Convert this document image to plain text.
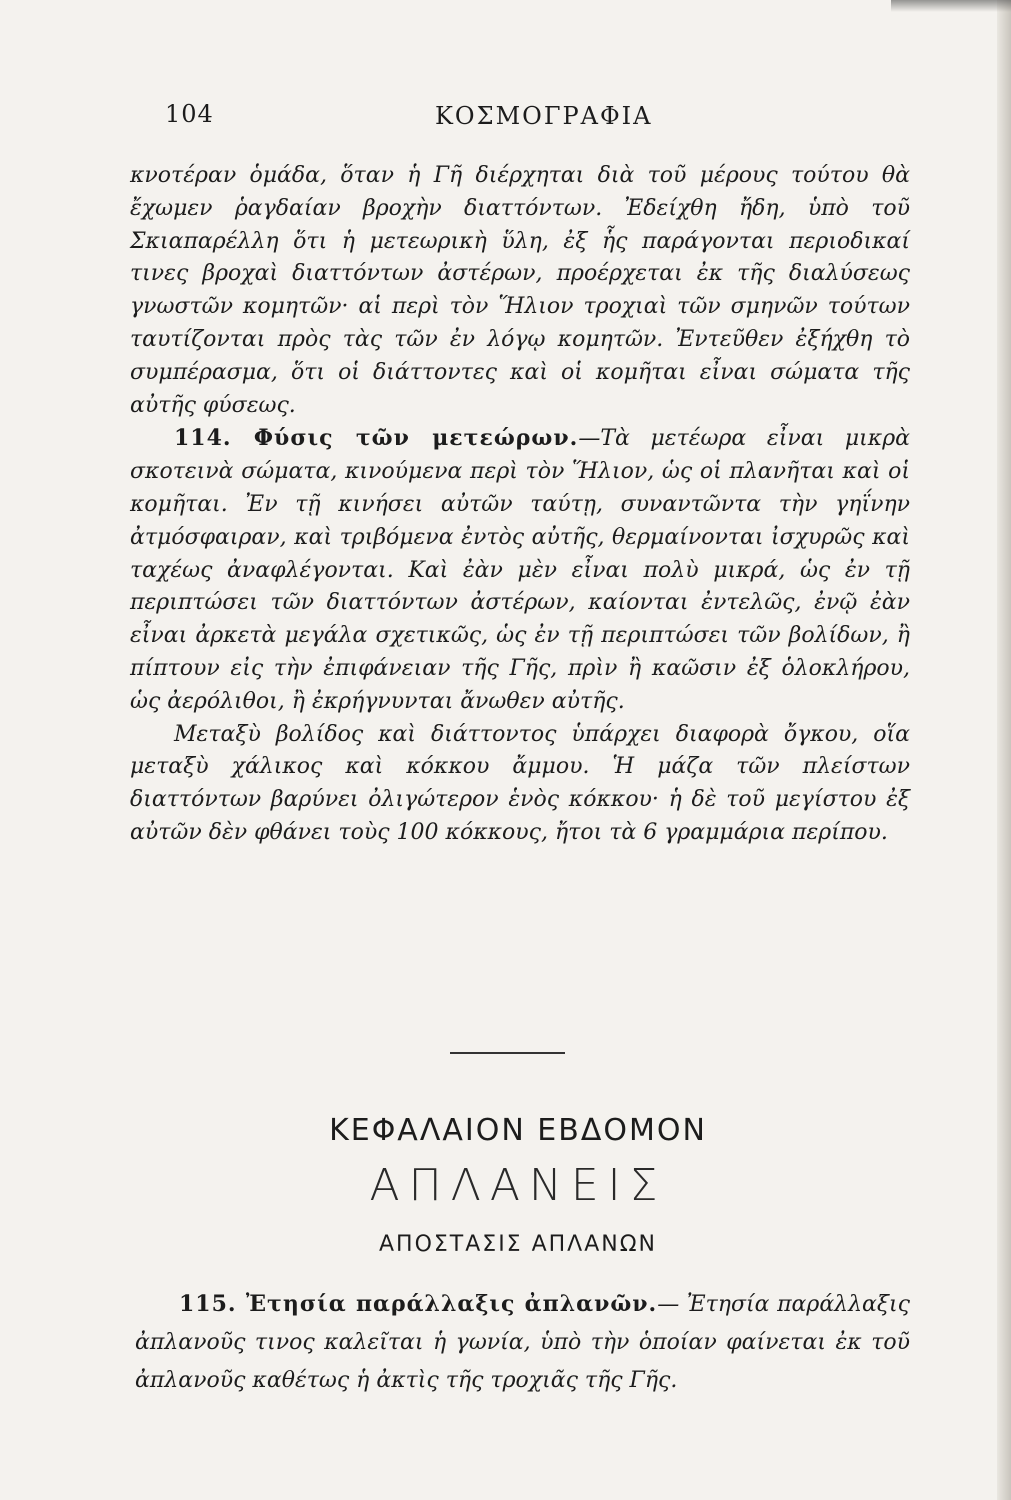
104	ΚΟΣΜΟΓΡΑΦΙΑ

κνοτέραν ὁμάδα, ὅταν ἡ Γῆ διέρχηται διὰ τοῦ μέρους τούτου θὰ ἔχωμεν ῥαγδαίαν βροχὴν διαττόντων. Ἐδείχθη ἤδη, ὑπὸ τοῦ Σκιαπαρέλλη ὅτι ἡ μετεωρικὴ ὕλη, ἐξ ἧς παράγονται περιοδικαί τινες βροχαὶ διαττόντων ἀστέρων, προέρχεται ἐκ τῆς διαλύσεως γνωστῶν κομητῶν· αἱ περὶ τὸν Ἥλιον τροχιαὶ τῶν σμηνῶν τούτων ταυτίζονται πρὸς τὰς τῶν ἐν λόγῳ κομητῶν. Ἐντεῦθεν ἐξήχθη τὸ συμπέρασμα, ὅτι οἱ διάττοντες καὶ οἱ κομῆται εἶναι σώματα τῆς αὐτῆς φύσεως.

114. Φύσις τῶν μετεώρων.—Τὰ μετέωρα εἶναι μικρὰ σκοτεινὰ σώματα, κινούμενα περὶ τὸν Ἥλιον, ὡς οἱ πλανῆται καὶ οἱ κομῆται. Ἐν τῇ κινήσει αὐτῶν ταύτῃ, συναντῶντα τὴν γηΐνην ἀτμόσφαιραν, καὶ τριβόμενα ἐντὸς αὐτῆς, θερμαίνονται ἰσχυρῶς καὶ ταχέως ἀναφλέγονται. Καὶ ἐὰν μὲν εἶναι πολὺ μικρά, ὡς ἐν τῇ περιπτώσει τῶν διαττόντων ἀστέρων, καίονται ἐντελῶς, ἐνῷ ἐὰν εἶναι ἀρκετὰ μεγάλα σχετικῶς, ὡς ἐν τῇ περιπτώσει τῶν βολίδων, ἢ πίπτουν εἰς τὴν ἐπιφάνειαν τῆς Γῆς, πρὶν ἢ καῶσιν ἐξ ὁλοκλήρου, ὡς ἀερόλιθοι, ἢ ἐκρήγνυνται ἄνωθεν αὐτῆς.

Μεταξὺ βολίδος καὶ διάττοντος ὑπάρχει διαφορὰ ὄγκου, οἵα μεταξὺ χάλικος καὶ κόκκου ἄμμου. Ἡ μάζα τῶν πλείστων διαττόντων βαρύνει ὀλιγώτερον ἑνὸς κόκκου· ἡ δὲ τοῦ μεγίστου ἐξ αὐτῶν δὲν φθάνει τοὺς 100 κόκκους, ἤτοι τὰ 6 γραμμάρια περίπου.

ΚΕΦΑΛΑΙΟΝ ΕΒΔΟΜΟΝ
ΑΠΛΑΝΕΙΣ
ΑΠΟΣΤΑΣΙΣ ΑΠΛΑΝΩΝ

115. Ἐτησία παράλλαξις ἀπλανῶν.— Ἐτησία παράλλαξις ἀπλανοῦς τινος καλεῖται ἡ γωνία, ὑπὸ τὴν ὁποίαν φαίνεται ἐκ τοῦ ἀπλανοῦς καθέτως ἡ ἀκτὶς τῆς τροχιᾶς τῆς Γῆς.
